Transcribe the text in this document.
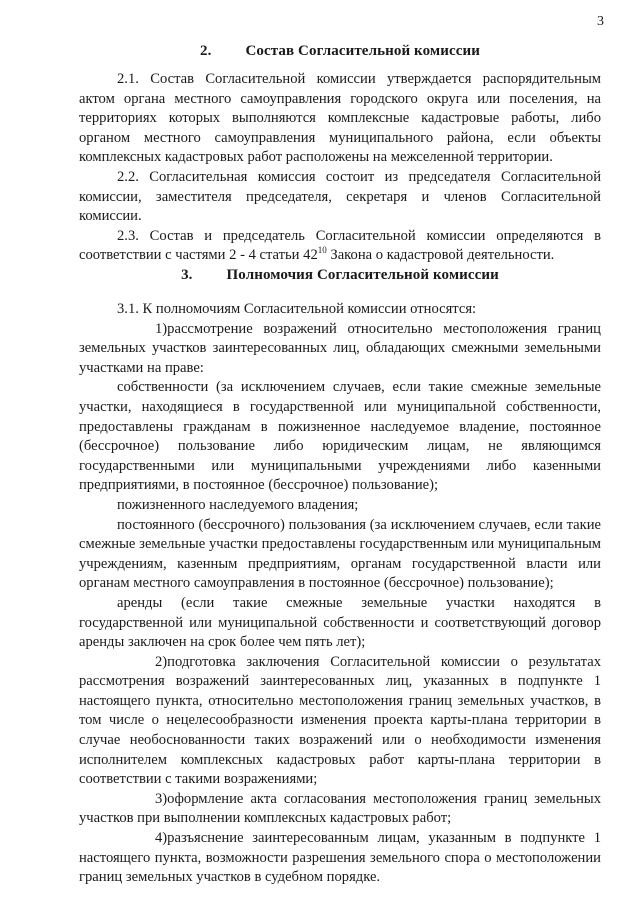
3
2. Состав Согласительной комиссии

2.1. Состав Согласительной комиссии утверждается распорядительным актом органа местного самоуправления городского округа или поселения, на территориях которых выполняются комплексные кадастровые работы, либо органом местного самоуправления муниципального района, если объекты комплексных кадастровых работ расположены на межселенной территории.

2.2. Согласительная комиссия состоит из председателя Согласительной комиссии, заместителя председателя, секретаря и членов Согласительной комиссии.

2.3. Состав и председатель Согласительной комиссии определяются в соответствии с частями 2 - 4 статьи $42^{10}$ Закона о кадастровой деятельности.

3. Полномочия Согласительной комиссии

3.1. К полномочиям Согласительной комиссии относятся:

1)рассмотрение возражений относительно местоположения границ земельных участков заинтересованных лиц, обладающих смежными земельными участками на праве:

собственности (за исключением случаев, если такие смежные земельные участки, находящиеся в государственной или муниципальной собственности, предоставлены гражданам в пожизненное наследуемое владение, постоянное (бессрочное) пользование либо юридическим лицам, не являющимся государственными или муниципальными учреждениями либо казенными предприятиями, в постоянное (бессрочное) пользование);

пожизненного наследуемого владения;

постоянного (бессрочного) пользования (за исключением случаев, если такие смежные земельные участки предоставлены государственным или муниципальным учреждениям, казенным предприятиям, органам государственной власти или органам местного самоуправления в постоянное (бессрочное) пользование);

аренды (если такие смежные земельные участки находятся в государственной или муниципальной собственности и соответствующий договор аренды заключен на срок более чем пять лет);

2)подготовка заключения Согласительной комиссии о результатах рассмотрения возражений заинтересованных лиц, указанных в подпункте 1 настоящего пункта, относительно местоположения границ земельных участков, в том числе о нецелесообразности изменения проекта карты-плана территории в случае необоснованности таких возражений или о необходимости изменения исполнителем комплексных кадастровых работ карты-плана территории в соответствии с такими возражениями;

3)оформление акта согласования местоположения границ земельных участков при выполнении комплексных кадастровых работ;

4)разъяснение заинтересованным лицам, указанным в подпункте 1 настоящего пункта, возможности разрешения земельного спора о местоположении границ земельных участков в судебном порядке.
